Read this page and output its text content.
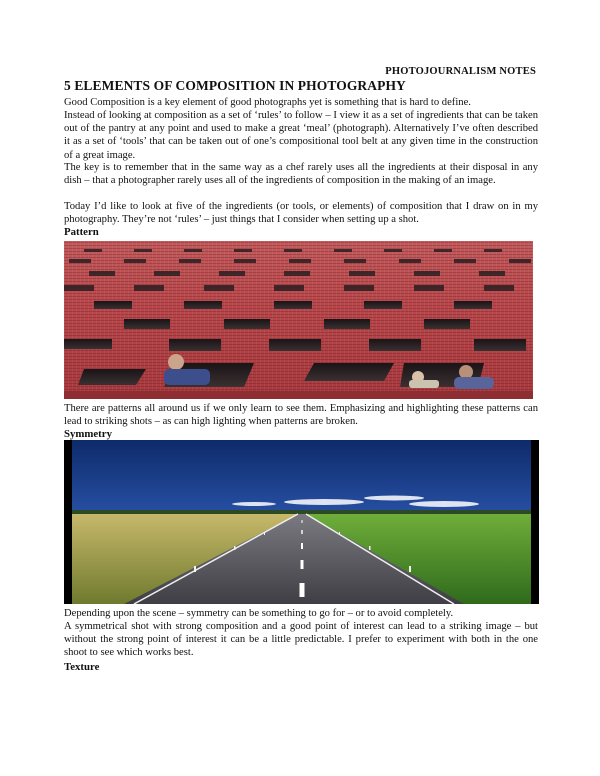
PHOTOJOURNALISM NOTES
5 ELEMENTS OF COMPOSITION IN PHOTOGRAPHY

Good Composition is a key element of good photographs yet is something that is hard to define.

Instead of looking at composition as a set of ‘rules’ to follow – I view it as a set of ingredients that can be taken out of the pantry at any point and used to make a great ‘meal’ (photograph). Alternatively I’ve often described it as a set of ‘tools’ that can be taken out of one’s compositional tool belt at any given time in the construction of a great image.

The key is to remember that in the same way as a chef rarely uses all the ingredients at their disposal in any dish – that a photographer rarely uses all of the ingredients of composition in the making of an image.

Today I’d like to look at five of the ingredients (or tools, or elements) of composition that I draw on in my photography. They’re not ‘rules’ – just things that I consider when setting up a shot.

Pattern

There are patterns all around us if we only learn to see them. Emphasizing and highlighting these patterns can lead to striking shots – as can high lighting when patterns are broken.

Symmetry

Depending upon the scene – symmetry can be something to go for – or to avoid completely.

A symmetrical shot with strong composition and a good point of interest can lead to a striking image – but without the strong point of interest it can be a little predictable. I prefer to experiment with both in the one shoot to see which works best.

Texture
